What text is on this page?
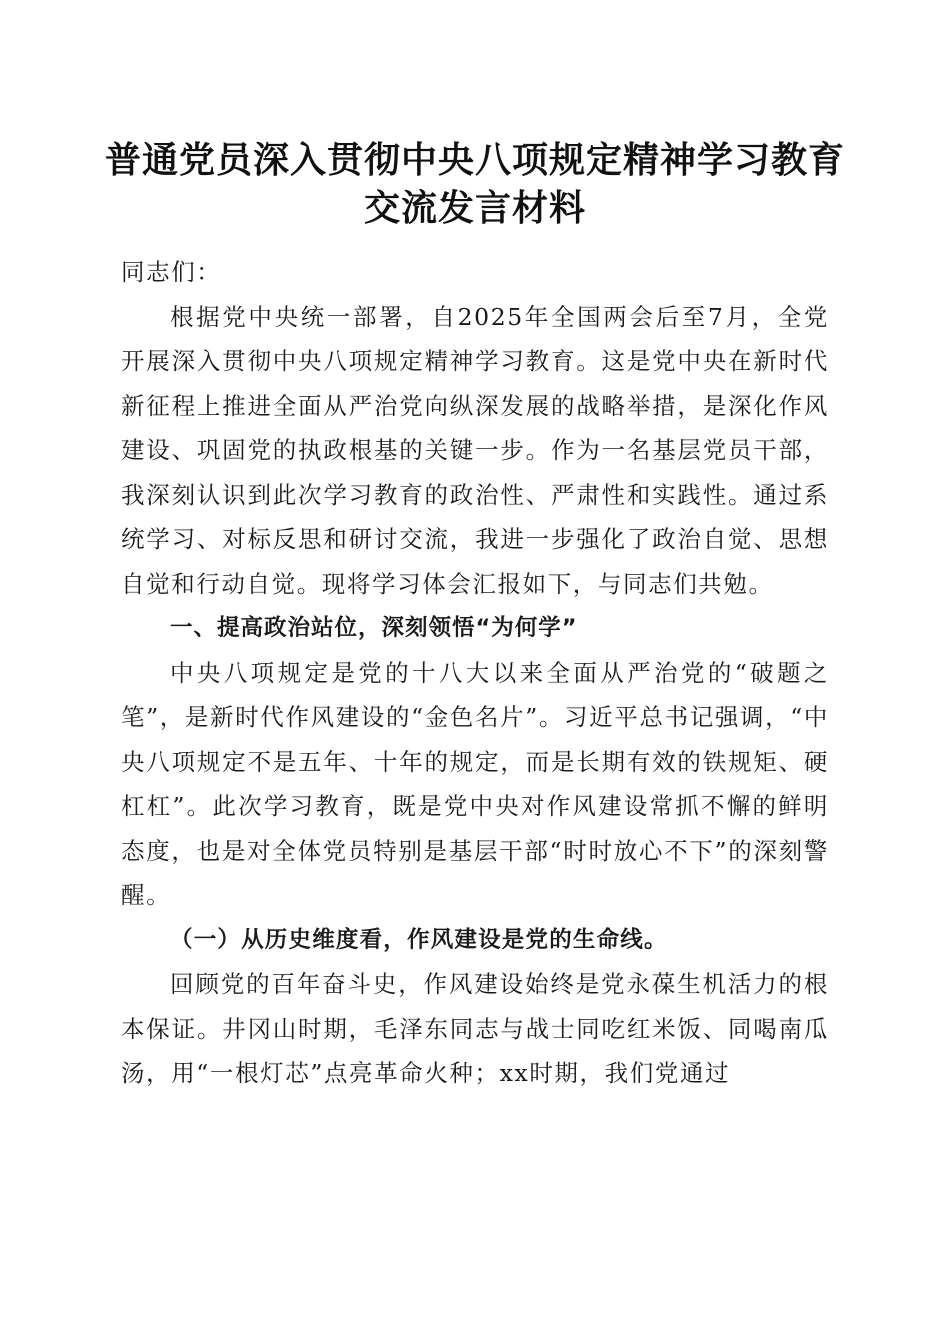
普通党员深入贯彻中央八项规定精神学习教育
交流发言材料

同志们：

根据党中央统一部署，自2025年全国两会后至7月，全党开展深入贯彻中央八项规定精神学习教育。这是党中央在新时代新征程上推进全面从严治党向纵深发展的战略举措，是深化作风建设、巩固党的执政根基的关键一步。作为一名基层党员干部，我深刻认识到此次学习教育的政治性、严肃性和实践性。通过系统学习、对标反思和研讨交流，我进一步强化了政治自觉、思想自觉和行动自觉。现将学习体会汇报如下，与同志们共勉。

一、提高政治站位，深刻领悟“为何学”

中央八项规定是党的十八大以来全面从严治党的“破题之笔”，是新时代作风建设的“金色名片”。习近平总书记强调，“中央八项规定不是五年、十年的规定，而是长期有效的铁规矩、硬杠杠”。此次学习教育，既是党中央对作风建设常抓不懈的鲜明态度，也是对全体党员特别是基层干部“时时放心不下”的深刻警醒。

（一）从历史维度看，作风建设是党的生命线。

回顾党的百年奋斗史，作风建设始终是党永葆生机活力的根本保证。井冈山时期，毛泽东同志与战士同吃红米饭、同喝南瓜汤，用“一根灯芯”点亮革命火种；xx时期，我们党通过
